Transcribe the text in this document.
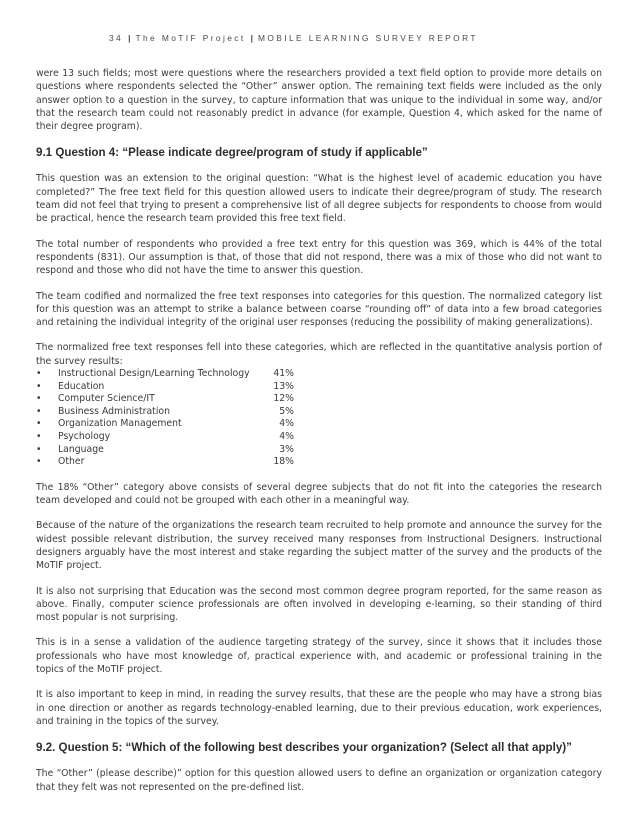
34 | The MoTIF Project | MOBILE LEARNING SURVEY REPORT

were 13 such fields; most were questions where the researchers provided a text field option to provide more details on questions where respondents selected the “Other” answer option. The remaining text fields were included as the only answer option to a question in the survey, to capture information that was unique to the individual in some way, and/or that the research team could not reasonably predict in advance (for example, Question 4, which asked for the name of their degree program).

9.1 Question 4: “Please indicate degree/program of study if applicable”

This question was an extension to the original question: “What is the highest level of academic education you have completed?” The free text field for this question allowed users to indicate their degree/program of study. The research team did not feel that trying to present a comprehensive list of all degree subjects for respondents to choose from would be practical, hence the research team provided this free text field.

The total number of respondents who provided a free text entry for this question was 369, which is 44% of the total respondents (831). Our assumption is that, of those that did not respond, there was a mix of those who did not want to respond and those who did not have the time to answer this question.

The team codified and normalized the free text responses into categories for this question. The normalized category list for this question was an attempt to strike a balance between coarse “rounding off” of data into a few broad categories and retaining the individual integrity of the original user responses (reducing the possibility of making generalizations).

The normalized free text responses fell into these categories, which are reflected in the quantitative analysis portion of the survey results:

•	Instructional Design/Learning Technology	41%
•	Education	13%
•	Computer Science/IT	12%
•	Business Administration	5%
•	Organization Management	4%
•	Psychology	4%
•	Language	3%
•	Other	18%

The 18% “Other” category above consists of several degree subjects that do not fit into the categories the research team developed and could not be grouped with each other in a meaningful way.

Because of the nature of the organizations the research team recruited to help promote and announce the survey for the widest possible relevant distribution, the survey received many responses from Instructional Designers. Instructional designers arguably have the most interest and stake regarding the subject matter of the survey and the products of the MoTIF project.

It is also not surprising that Education was the second most common degree program reported, for the same reason as above. Finally, computer science professionals are often involved in developing e-learning, so their standing of third most popular is not surprising.

This is in a sense a validation of the audience targeting strategy of the survey, since it shows that it includes those professionals who have most knowledge of, practical experience with, and academic or professional training in the topics of the MoTIF project.

It is also important to keep in mind, in reading the survey results, that these are the people who may have a strong bias in one direction or another as regards technology-enabled learning, due to their previous education, work experiences, and training in the topics of the survey.

9.2. Question 5: “Which of the following best describes your organization? (Select all that apply)”

The “Other” (please describe)” option for this question allowed users to define an organization or organization category that they felt was not represented on the pre-defined list.
